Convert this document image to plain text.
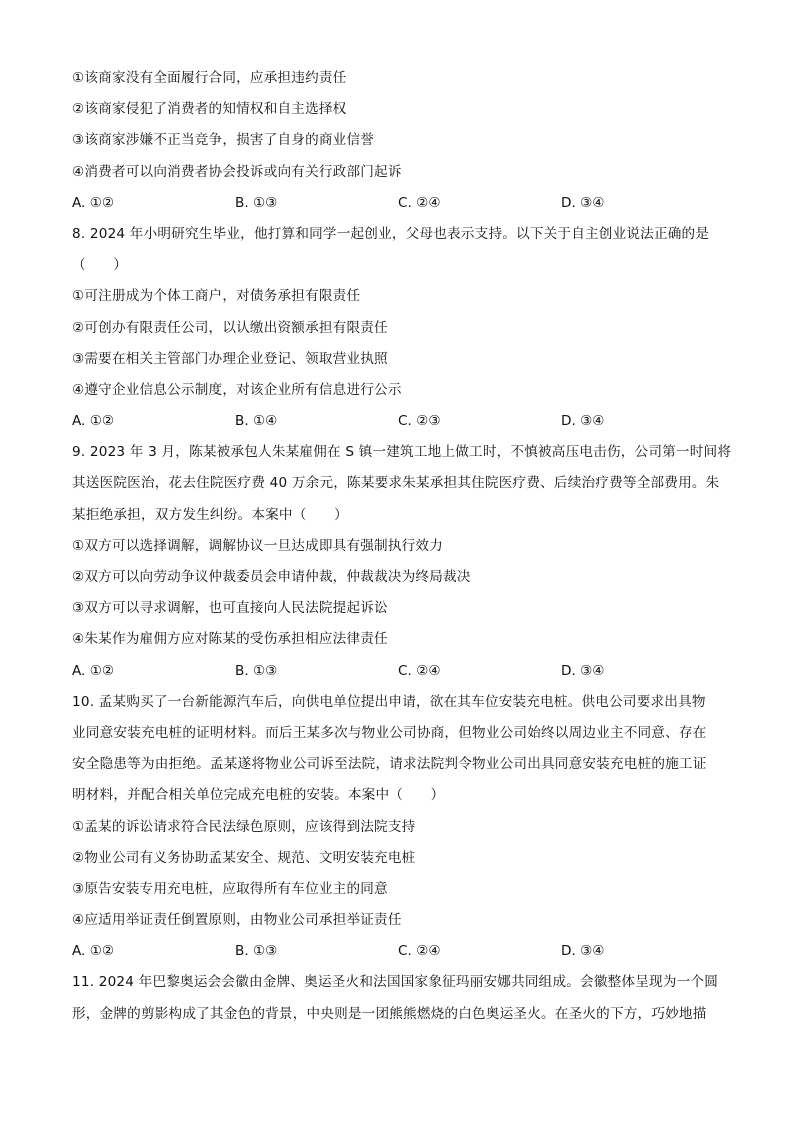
①该商家没有全面履行合同，应承担违约责任
②该商家侵犯了消费者的知情权和自主选择权
③该商家涉嫌不正当竞争，损害了自身的商业信誉
④消费者可以向消费者协会投诉或向有关行政部门起诉
A. ①②	B. ①③	C. ②④	D. ③④
8. 2024 年小明研究生毕业，他打算和同学一起创业，父母也表示支持。以下关于自主创业说法正确的是
（　　）
①可注册成为个体工商户，对债务承担有限责任
②可创办有限责任公司，以认缴出资额承担有限责任
③需要在相关主管部门办理企业登记、领取营业执照
④遵守企业信息公示制度，对该企业所有信息进行公示
A. ①②	B. ①④	C. ②③	D. ③④
9. 2023 年 3 月，陈某被承包人朱某雇佣在 S 镇一建筑工地上做工时，不慎被高压电击伤，公司第一时间将
其送医院医治，花去住院医疗费 40 万余元，陈某要求朱某承担其住院医疗费、后续治疗费等全部费用。朱
某拒绝承担，双方发生纠纷。本案中（　　）
①双方可以选择调解，调解协议一旦达成即具有强制执行效力
②双方可以向劳动争议仲裁委员会申请仲裁，仲裁裁决为终局裁决
③双方可以寻求调解，也可直接向人民法院提起诉讼
④朱某作为雇佣方应对陈某的受伤承担相应法律责任
A. ①②	B. ①③	C. ②④	D. ③④
10. 孟某购买了一台新能源汽车后，向供电单位提出申请，欲在其车位安装充电桩。供电公司要求出具物
业同意安装充电桩的证明材料。而后王某多次与物业公司协商，但物业公司始终以周边业主不同意、存在
安全隐患等为由拒绝。孟某遂将物业公司诉至法院，请求法院判令物业公司出具同意安装充电桩的施工证
明材料，并配合相关单位完成充电桩的安装。本案中（　　）
①孟某的诉讼请求符合民法绿色原则，应该得到法院支持
②物业公司有义务协助孟某安全、规范、文明安装充电桩
③原告安装专用充电桩，应取得所有车位业主的同意
④应适用举证责任倒置原则，由物业公司承担举证责任
A. ①②	B. ①③	C. ②④	D. ③④
11. 2024 年巴黎奥运会会徽由金牌、奥运圣火和法国国家象征玛丽安娜共同组成。会徽整体呈现为一个圆
形，金牌的剪影构成了其金色的背景，中央则是一团熊熊燃烧的白色奥运圣火。在圣火的下方，巧妙地描
